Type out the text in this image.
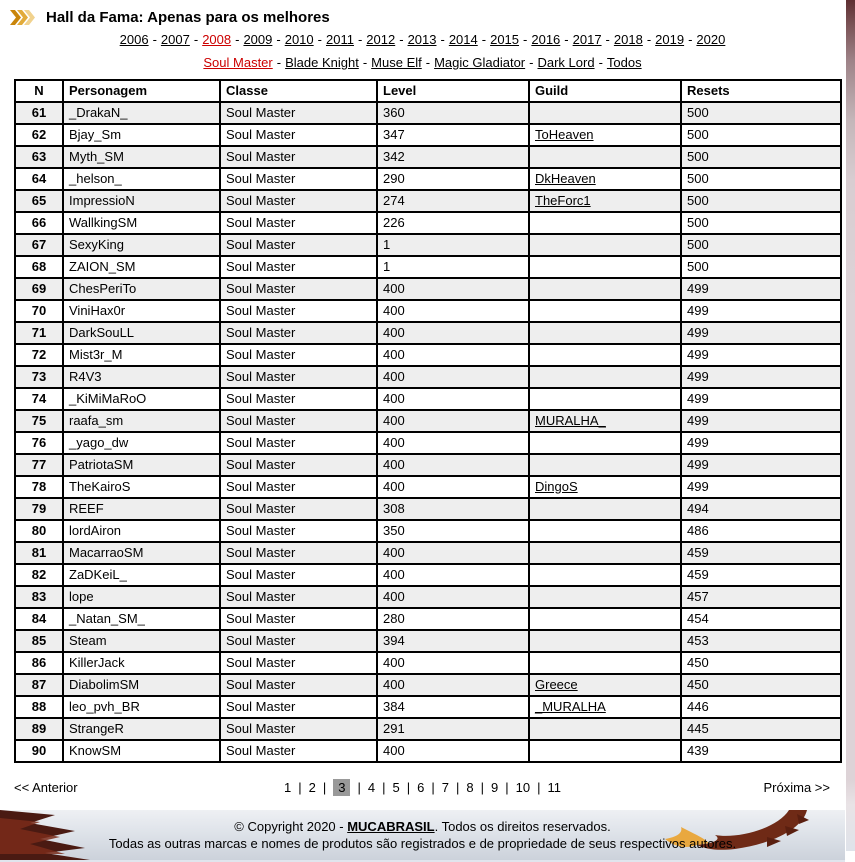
Hall da Fama: Apenas para os melhores
2006 - 2007 - 2008 - 2009 - 2010 - 2011 - 2012 - 2013 - 2014 - 2015 - 2016 - 2017 - 2018 - 2019 - 2020
Soul Master - Blade Knight - Muse Elf - Magic Gladiator - Dark Lord - Todos
N	Personagem	Classe	Level	Guild	Resets
61	_DrakaN_	Soul Master	360		500
62	Bjay_Sm	Soul Master	347	ToHeaven	500
63	Myth_SM	Soul Master	342		500
64	_helson_	Soul Master	290	DkHeaven	500
65	ImpressioN	Soul Master	274	TheForc1	500
66	WallkingSM	Soul Master	226		500
67	SexyKing	Soul Master	1		500
68	ZAION_SM	Soul Master	1		500
69	ChesPeriTo	Soul Master	400		499
70	ViniHax0r	Soul Master	400		499
71	DarkSouLL	Soul Master	400		499
72	Mist3r_M	Soul Master	400		499
73	R4V3	Soul Master	400		499
74	_KiMiMaRoO	Soul Master	400		499
75	raafa_sm	Soul Master	400	MURALHA_	499
76	_yago_dw	Soul Master	400		499
77	PatriotaSM	Soul Master	400		499
78	TheKairoS	Soul Master	400	DingoS	499
79	REEF	Soul Master	308		494
80	lordAiron	Soul Master	350		486
81	MacarraoSM	Soul Master	400		459
82	ZaDKeiL_	Soul Master	400		459
83	lope	Soul Master	400		457
84	_Natan_SM_	Soul Master	280		454
85	Steam	Soul Master	394		453
86	KillerJack	Soul Master	400		450
87	DiabolimSM	Soul Master	400	Greece	450
88	leo_pvh_BR	Soul Master	384	_MURALHA	446
89	StrangeR	Soul Master	291		445
90	KnowSM	Soul Master	400		439
<< Anterior	1 | 2 | 3 | 4 | 5 | 6 | 7 | 8 | 9 | 10 | 11	Próxima >>
© Copyright 2020 - MUCABRASIL. Todos os direitos reservados.
Todas as outras marcas e nomes de produtos são registrados e de propriedade de seus respectivos autores.
